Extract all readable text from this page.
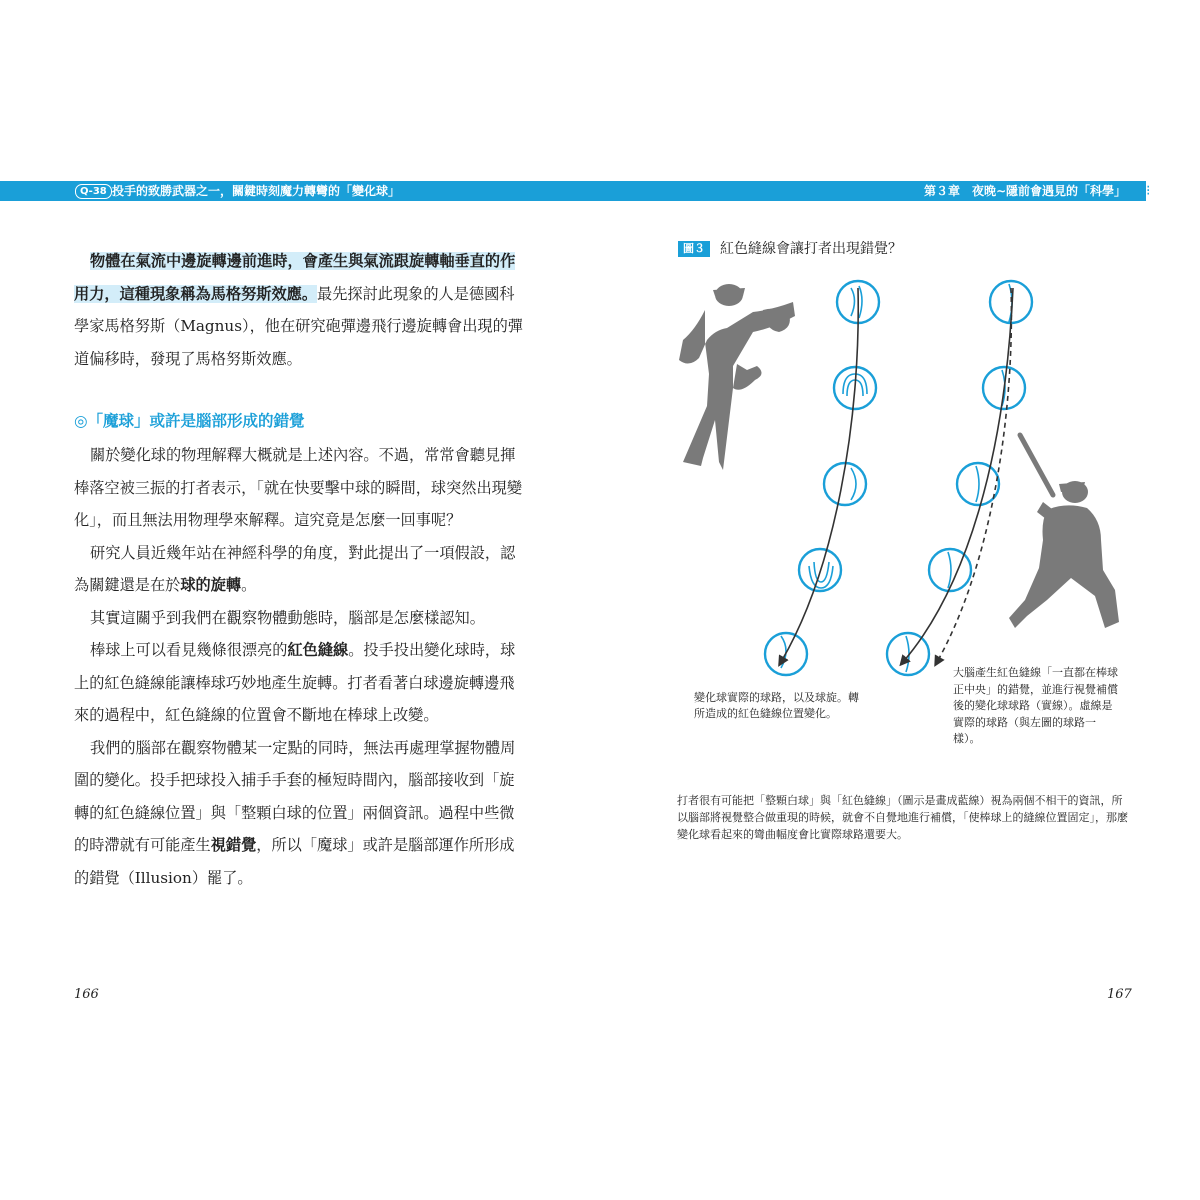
⁝
Q-38 投手的致勝武器之一，關鍵時刻魔力轉彎的「變化球」	第３章　夜晚∼隱前會遇見的「科學」

物體在氣流中邊旋轉邊前進時，會產生與氣流跟旋轉軸垂直的作用力，這種現象稱為馬格努斯效應。最先探討此現象的人是德國科學家馬格努斯（Magnus），他在研究砲彈邊飛行邊旋轉會出現的彈道偏移時，發現了馬格努斯效應。

◎「魔球」或許是腦部形成的錯覺

關於變化球的物理解釋大概就是上述內容。不過，常常會聽見揮棒落空被三振的打者表示，「就在快要擊中球的瞬間，球突然出現變化」，而且無法用物理學來解釋。這究竟是怎麼一回事呢？

研究人員近幾年站在神經科學的角度，對此提出了一項假設，認為關鍵還是在於球的旋轉。

其實這關乎到我們在觀察物體動態時，腦部是怎麼樣認知。

棒球上可以看見幾條很漂亮的紅色縫線。投手投出變化球時，球上的紅色縫線能讓棒球巧妙地產生旋轉。打者看著白球邊旋轉邊飛來的過程中，紅色縫線的位置會不斷地在棒球上改變。

我們的腦部在觀察物體某一定點的同時，無法再處理掌握物體周圍的變化。投手把球投入捕手手套的極短時間內，腦部接收到「旋轉的紅色縫線位置」與「整顆白球的位置」兩個資訊。過程中些微的時滯就有可能產生視錯覺，所以「魔球」或許是腦部運作所形成的錯覺（Illusion）罷了。

166
圖３	紅色縫線會讓打者出現錯覺？
變化球實際的球路，以及球旋。轉所造成的紅色縫線位置變化。
大腦產生紅色縫線「一直都在棒球正中央」的錯覺，並進行視覺補償後的變化球球路（實線）。虛線是實際的球路（與左圖的球路一樣）。
打者很有可能把「整顆白球」與「紅色縫線」（圖示是畫成藍線）視為兩個不相干的資訊，所以腦部將視覺整合做重現的時候，就會不自覺地進行補償，「使棒球上的縫線位置固定」，那麼變化球看起來的彎曲幅度會比實際球路還要大。
167
